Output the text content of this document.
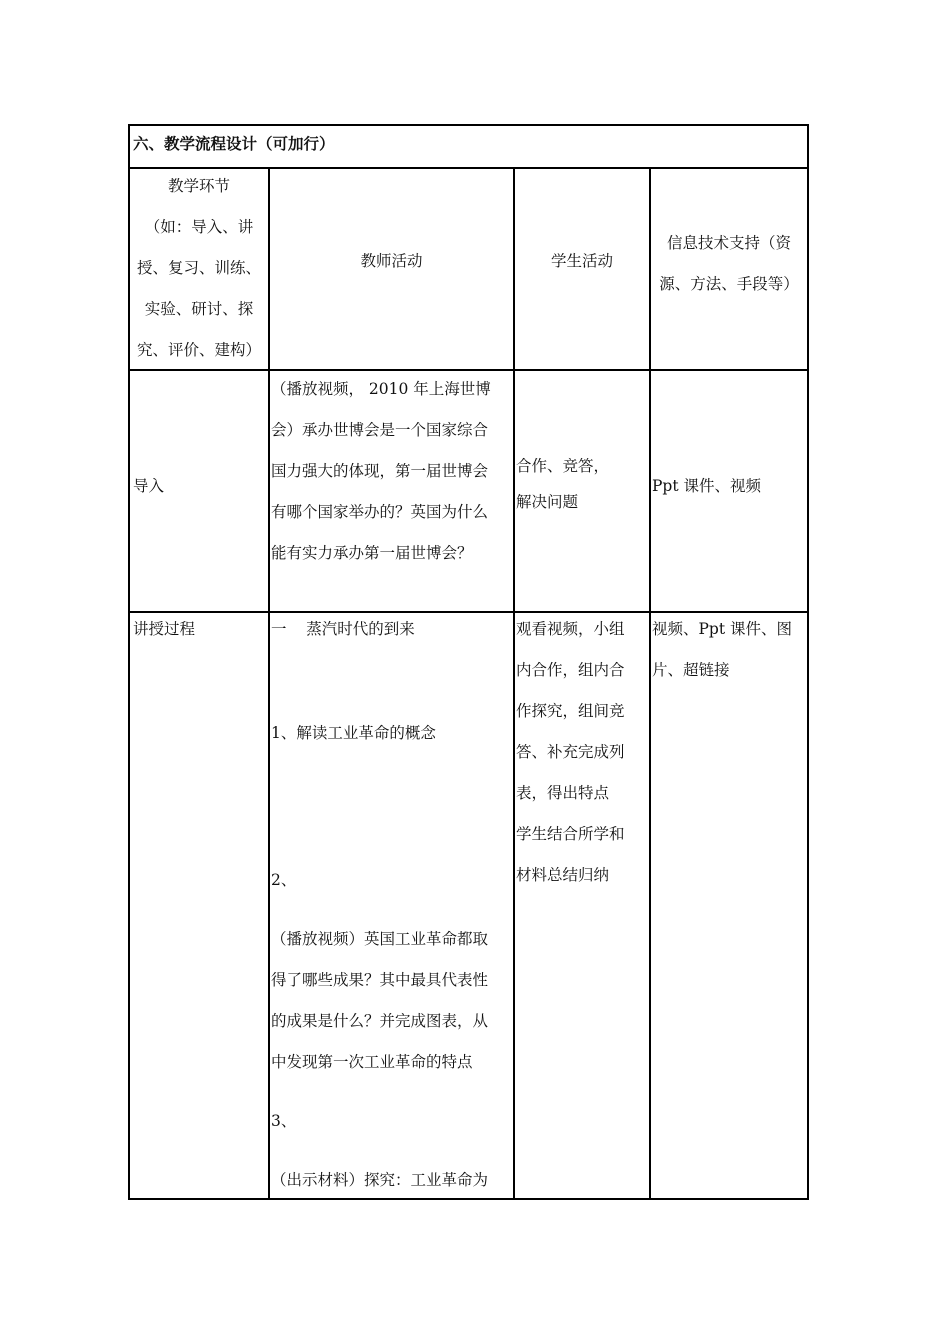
六、教学流程设计（可加行）
教学环节
（如：导入、讲
授、复习、训练、
实验、研讨、探
究、评价、建构）
教师活动	学生活动
信息技术支持（资
源、方法、手段等）
导入
（播放视频， 2010 年上海世博
会）承办世博会是一个国家综合
国力强大的体现，第一届世博会
有哪个国家举办的？英国为什么
能有实力承办第一届世博会？
合作、竞答，
解决问题
Ppt 课件、视频
讲授过程	一    蒸汽时代的到来
1、解读工业革命的概念
2、
（播放视频）英国工业革命都取
得了哪些成果？其中最具代表性
的成果是什么？并完成图表，从
中发现第一次工业革命的特点
3、
（出示材料）探究：工业革命为
观看视频，小组
内合作，组内合
作探究，组间竞
答、补充完成列
表，得出特点
学生结合所学和
材料总结归纳
视频、Ppt 课件、图
片、超链接
